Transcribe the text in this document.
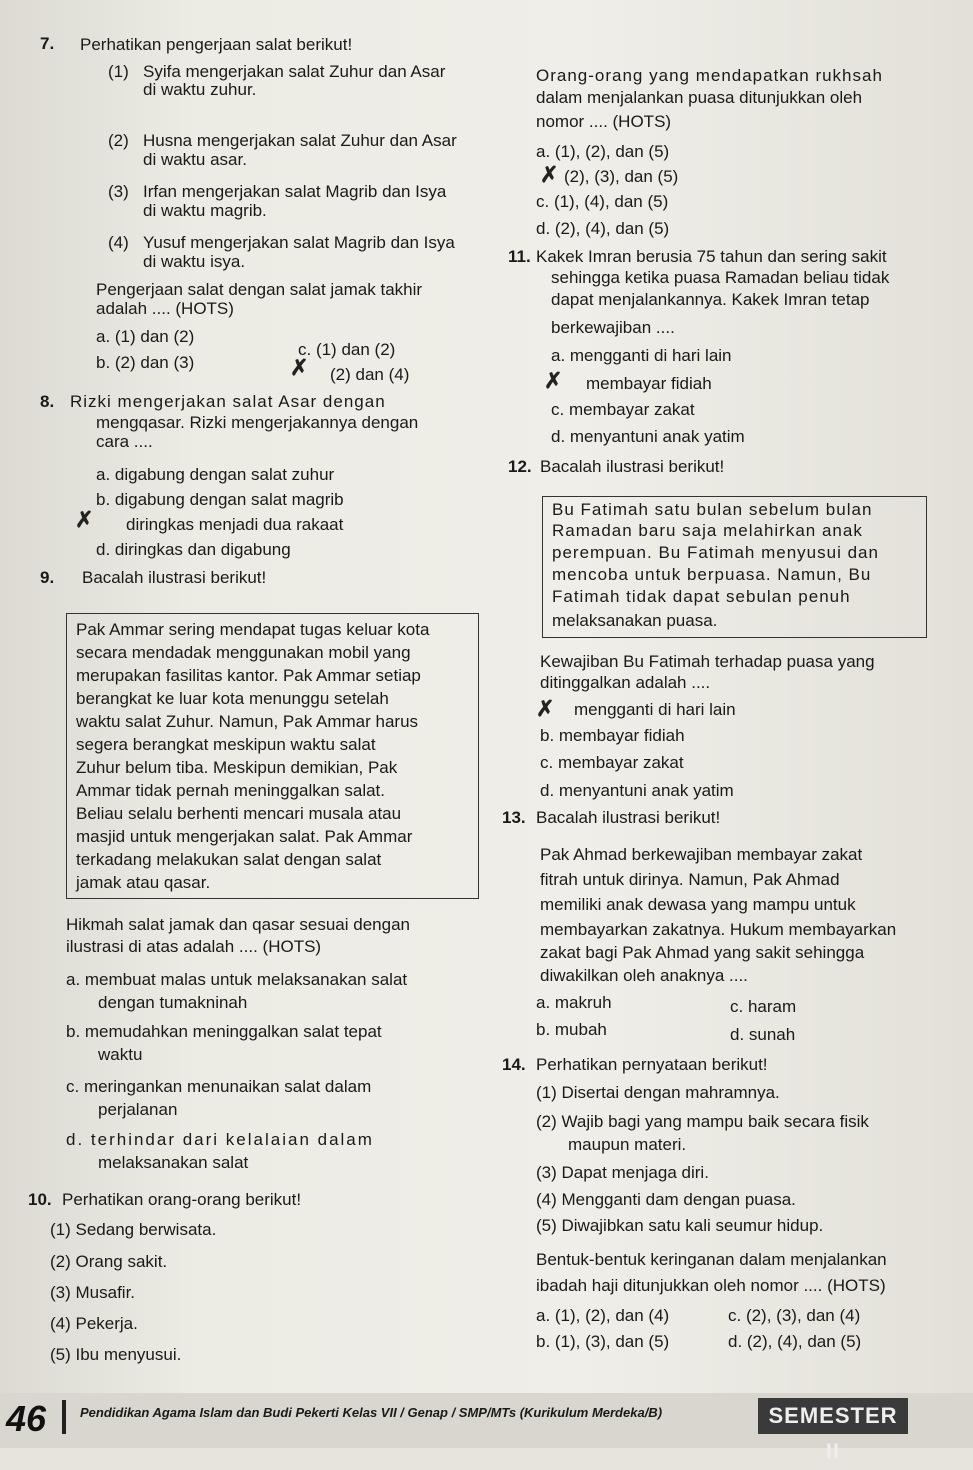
7. Perhatikan pengerjaan salat berikut!
(1) Syifa mengerjakan salat Zuhur dan Asar
di waktu zuhur.
(2) Husna mengerjakan salat Zuhur dan Asar
di waktu asar.
(3) Irfan mengerjakan salat Magrib dan Isya
di waktu magrib.
(4) Yusuf mengerjakan salat Magrib dan Isya
di waktu isya.
Pengerjaan salat dengan salat jamak takhir
adalah .... (HOTS)
a. (1) dan (2)
b. (2) dan (3)
c. (1) dan (2)
✗ (2) dan (4)
8. Rizki mengerjakan salat Asar dengan
mengqasar. Rizki mengerjakannya dengan
cara ....
a. digabung dengan salat zuhur
b. digabung dengan salat magrib
✗ diringkas menjadi dua rakaat
d. diringkas dan digabung
9. Bacalah ilustrasi berikut!
Pak Ammar sering mendapat tugas keluar kota
secara mendadak menggunakan mobil yang
merupakan fasilitas kantor. Pak Ammar setiap
berangkat ke luar kota menunggu setelah
waktu salat Zuhur. Namun, Pak Ammar harus
segera berangkat meskipun waktu salat
Zuhur belum tiba. Meskipun demikian, Pak
Ammar tidak pernah meninggalkan salat.
Beliau selalu berhenti mencari musala atau
masjid untuk mengerjakan salat. Pak Ammar
terkadang melakukan salat dengan salat
jamak atau qasar.
Hikmah salat jamak dan qasar sesuai dengan
ilustrasi di atas adalah .... (HOTS)
a. membuat malas untuk melaksanakan salat
dengan tumakninah
b. memudahkan meninggalkan salat tepat
waktu
c. meringankan menunaikan salat dalam
perjalanan
d. terhindar dari kelalaian dalam
melaksanakan salat
10. Perhatikan orang-orang berikut!
(1) Sedang berwisata.
(2) Orang sakit.
(3) Musafir.
(4) Pekerja.
(5) Ibu menyusui.
Orang-orang yang mendapatkan rukhsah
dalam menjalankan puasa ditunjukkan oleh
nomor .... (HOTS)
a. (1), (2), dan (5)
✗ (2), (3), dan (5)
c. (1), (4), dan (5)
d. (2), (4), dan (5)
11. Kakek Imran berusia 75 tahun dan sering sakit
sehingga ketika puasa Ramadan beliau tidak
dapat menjalankannya. Kakek Imran tetap
berkewajiban ....
a. mengganti di hari lain
✗ membayar fidiah
c. membayar zakat
d. menyantuni anak yatim
12. Bacalah ilustrasi berikut!
Bu Fatimah satu bulan sebelum bulan
Ramadan baru saja melahirkan anak
perempuan. Bu Fatimah menyusui dan
mencoba untuk berpuasa. Namun, Bu
Fatimah tidak dapat sebulan penuh
melaksanakan puasa.
Kewajiban Bu Fatimah terhadap puasa yang
ditinggalkan adalah ....
✗ mengganti di hari lain
b. membayar fidiah
c. membayar zakat
d. menyantuni anak yatim
13. Bacalah ilustrasi berikut!
Pak Ahmad berkewajiban membayar zakat
fitrah untuk dirinya. Namun, Pak Ahmad
memiliki anak dewasa yang mampu untuk
membayarkan zakatnya. Hukum membayarkan
zakat bagi Pak Ahmad yang sakit sehingga
diwakilkan oleh anaknya ....
a. makruh
b. mubah
c. haram
d. sunah
14. Perhatikan pernyataan berikut!
(1) Disertai dengan mahramnya.
(2) Wajib bagi yang mampu baik secara fisik
maupun materi.
(3) Dapat menjaga diri.
(4) Mengganti dam dengan puasa.
(5) Diwajibkan satu kali seumur hidup.
Bentuk-bentuk keringanan dalam menjalankan
ibadah haji ditunjukkan oleh nomor .... (HOTS)
a. (1), (2), dan (4)
b. (1), (3), dan (5)
c. (2), (3), dan (4)
d. (2), (4), dan (5)
46	Pendidikan Agama Islam dan Budi Pekerti Kelas VII / Genap / SMP/MTs (Kurikulum Merdeka/B)	SEMESTER II
